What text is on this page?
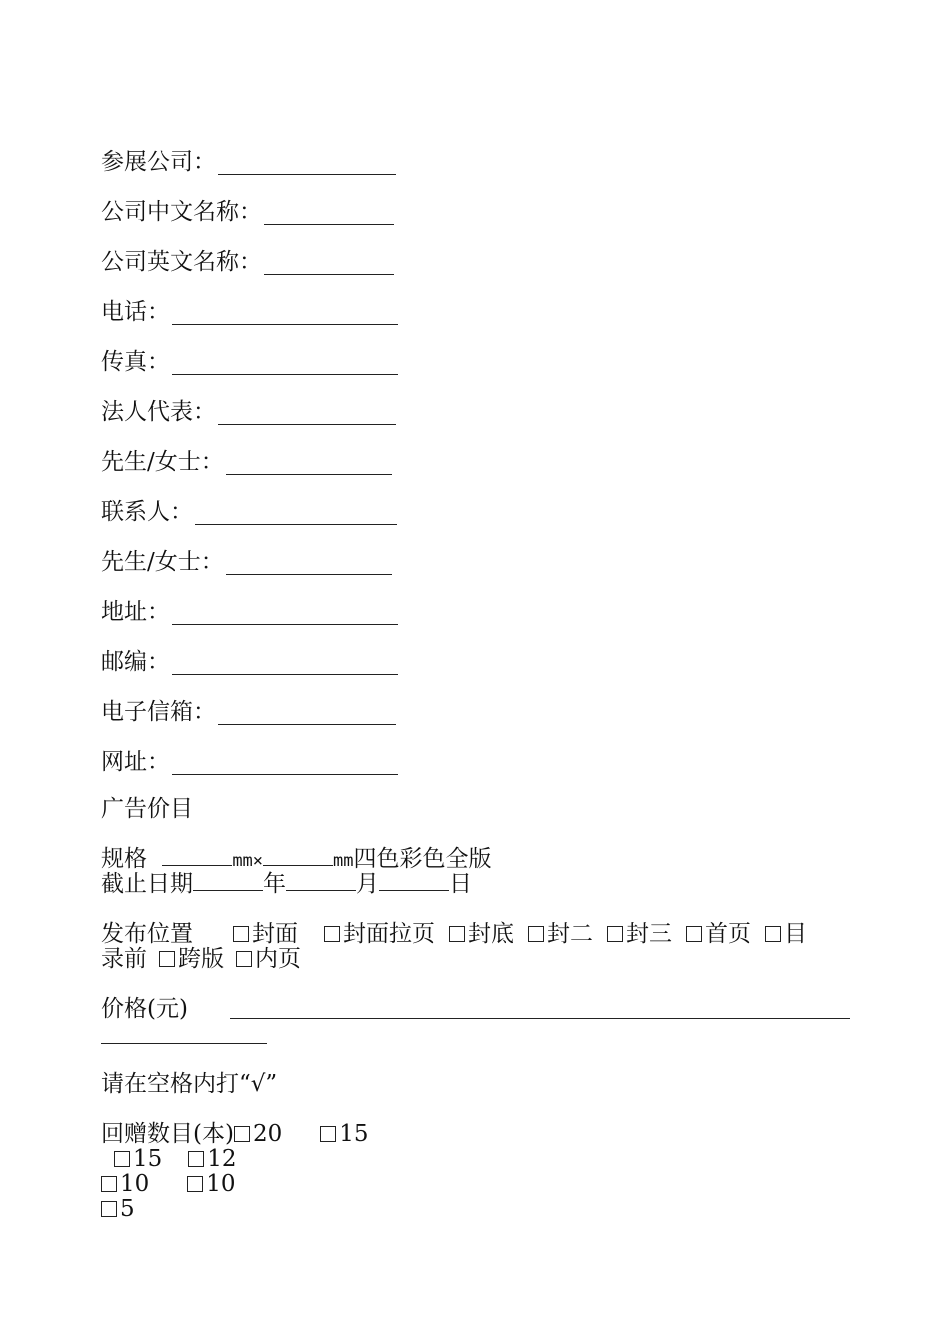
参展公司：
公司中文名称：
公司英文名称：
电话：
传真：
法人代表：
先生/女士：
联系人：
先生/女士：
地址：
邮编：
电子信箱：
网址：
广告价目
规格	mm×	mm四色彩色全版
截止日期	年	月	日
发布位置	封面 封面拉页 封底 封二 封三 首页 目
录前 跨版 内页
价格(元)
请在空格内打“√”
回赠数目(本) 20 15
15 12
10 10
5
